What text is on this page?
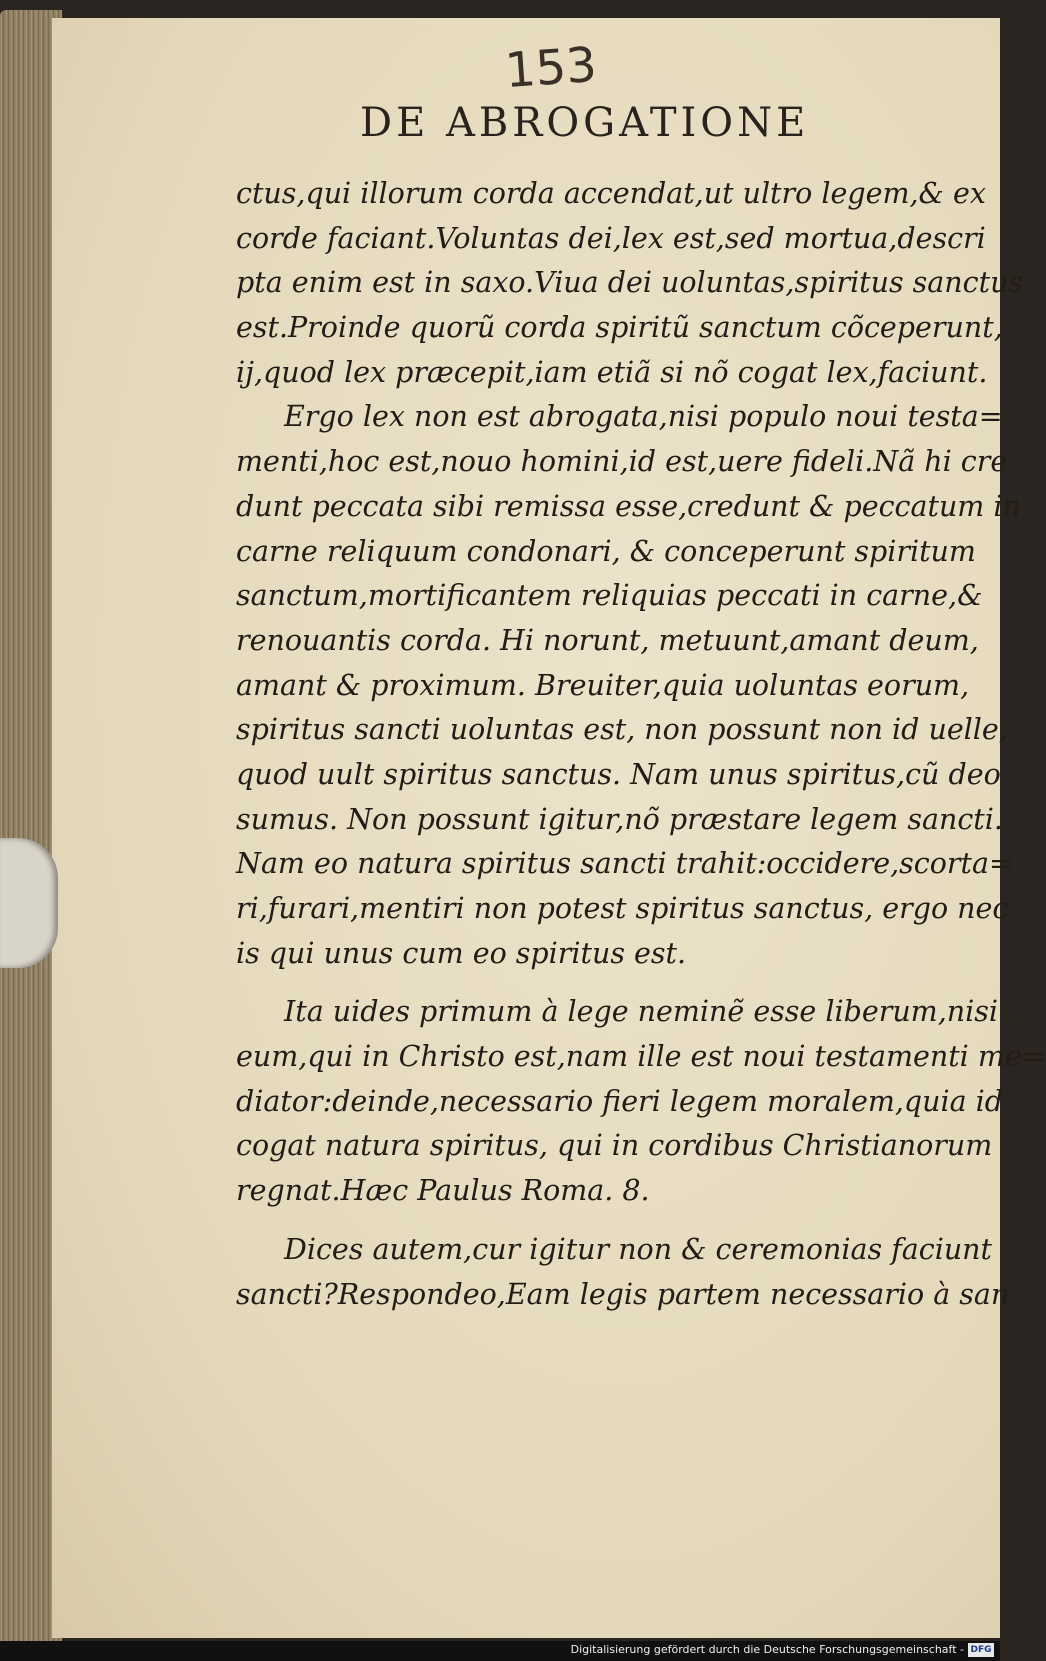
153
DE ABROGATIONE
ctus,qui illorum corda accendat,ut ultro legem,& ex
corde faciant.Voluntas dei,lex est,sed mortua,descri
pta enim est in saxo.Viua dei uoluntas,spiritus sanctus
est.Proinde quorũ corda spiritũ sanctum cõceperunt,
ij,quod lex præcepit,iam etiã si nõ cogat lex,faciunt.
Ergo lex non est abrogata,nisi populo noui testa=
menti,hoc est,nouo homini,id est,uere fideli.Nã hi cre
dunt peccata sibi remissa esse,credunt & peccatum in
carne reliquum condonari, & conceperunt spiritum
sanctum,mortificantem reliquias peccati in carne,&
renouantis corda. Hi norunt, metuunt,amant deum,
amant & proximum. Breuiter,quia uoluntas eorum,
spiritus sancti uoluntas est, non possunt non id uelle,
quod uult spiritus sanctus. Nam unus spiritus,cũ deo
sumus. Non possunt igitur,nõ præstare legem sancti.
Nam eo natura spiritus sancti trahit:occidere,scorta=
ri,furari,mentiri non potest spiritus sanctus, ergo nec
is qui unus cum eo spiritus est.
Ita uides primum à lege neminẽ esse liberum,nisi
eum,qui in Christo est,nam ille est noui testamenti me=
diator:deinde,necessario fieri legem moralem,quia id
cogat natura spiritus, qui in cordibus Christianorum
regnat.Hæc Paulus Roma. 8.
Dices autem,cur igitur non & ceremonias faciunt
sancti?Respondeo,Eam legis partem necessario à san
Digitalisierung gefördert durch die Deutsche Forschungsgemeinschaft - DFG
